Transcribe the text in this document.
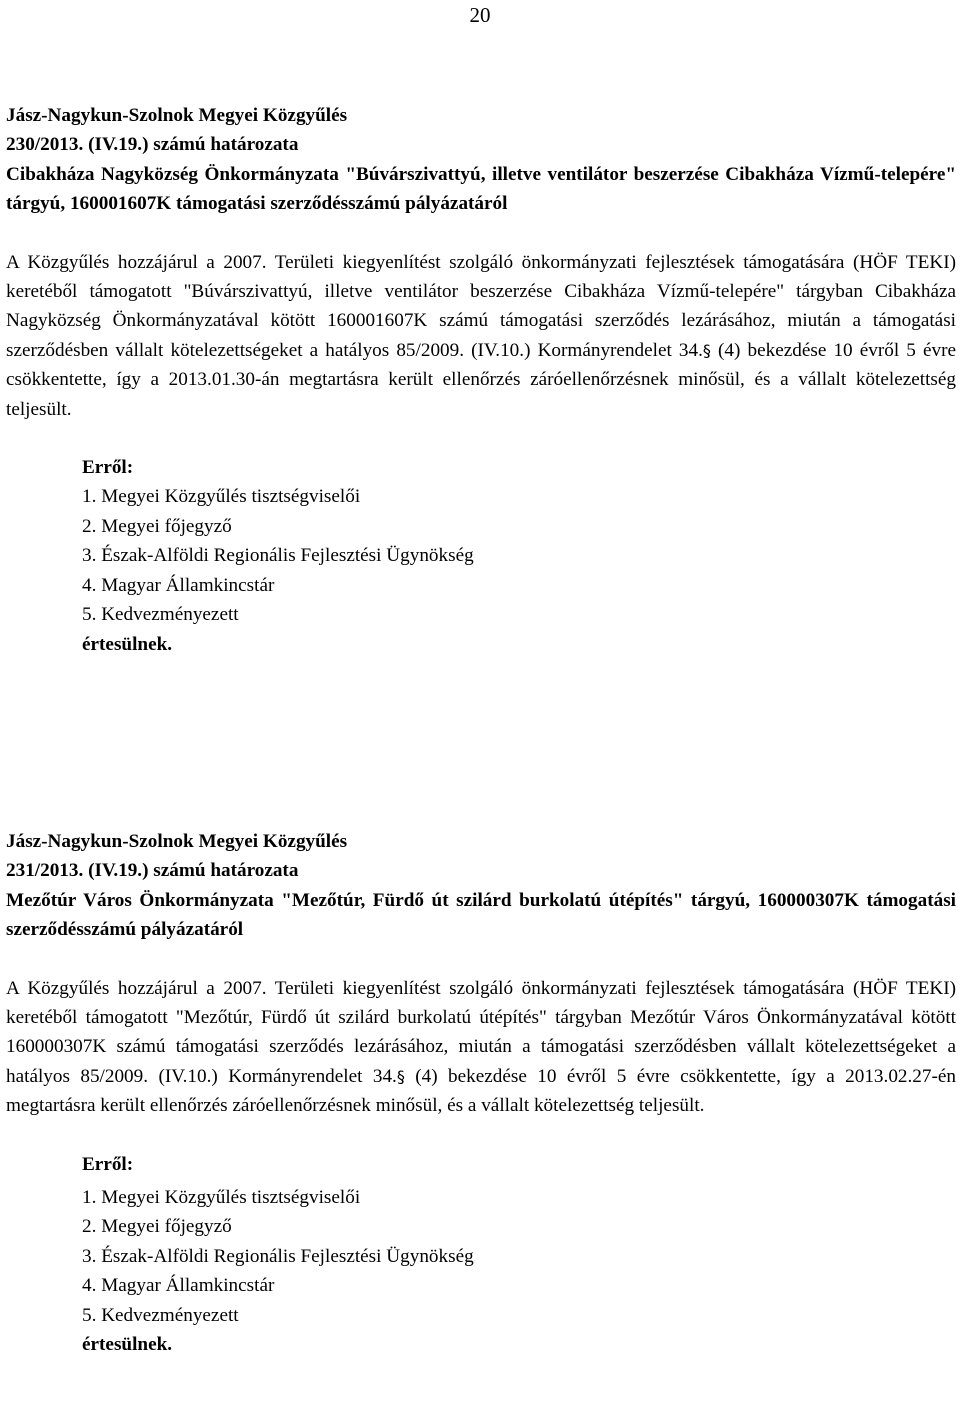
20

Jász-Nagykun-Szolnok Megyei Közgyűlés

230/2013. (IV.19.) számú határozata

Cibakháza Nagyközség Önkormányzata "Búvárszivattyú, illetve ventilátor beszerzése Cibakháza Vízmű-telepére" tárgyú, 160001607K támogatási szerződésszámú pályázatáról

A Közgyűlés hozzájárul a 2007. Területi kiegyenlítést szolgáló önkormányzati fejlesztések támogatására (HÖF TEKI) keretéből támogatott "Búvárszivattyú, illetve ventilátor beszerzése Cibakháza Vízmű-telepére" tárgyban Cibakháza Nagyközség Önkormányzatával kötött 160001607K számú támogatási szerződés lezárásához, miután a támogatási szerződésben vállalt kötelezettségeket a hatályos 85/2009. (IV.10.) Kormányrendelet 34.§ (4) bekezdése 10 évről 5 évre csökkentette, így a 2013.01.30-án megtartásra került ellenőrzés záróellenőrzésnek minősül, és a vállalt kötelezettség teljesült.

Erről:
1. Megyei Közgyűlés tisztségviselői
2. Megyei főjegyző
3. Észak-Alföldi Regionális Fejlesztési Ügynökség
4. Magyar Államkincstár
5. Kedvezményezett
értesülnek.

Jász-Nagykun-Szolnok Megyei Közgyűlés

231/2013. (IV.19.) számú határozata

Mezőtúr Város Önkormányzata "Mezőtúr, Fürdő út szilárd burkolatú útépítés" tárgyú, 160000307K támogatási szerződésszámú pályázatáról

A Közgyűlés hozzájárul a 2007. Területi kiegyenlítést szolgáló önkormányzati fejlesztések támogatására (HÖF TEKI) keretéből támogatott "Mezőtúr, Fürdő út szilárd burkolatú útépítés" tárgyban Mezőtúr Város Önkormányzatával kötött 160000307K számú támogatási szerződés lezárásához, miután a támogatási szerződésben vállalt kötelezettségeket a hatályos 85/2009. (IV.10.) Kormányrendelet 34.§ (4) bekezdése 10 évről 5 évre csökkentette, így a 2013.02.27-én megtartásra került ellenőrzés záróellenőrzésnek minősül, és a vállalt kötelezettség teljesült.

Erről:
1. Megyei Közgyűlés tisztségviselői
2. Megyei főjegyző
3. Észak-Alföldi Regionális Fejlesztési Ügynökség
4. Magyar Államkincstár
5. Kedvezményezett
értesülnek.
